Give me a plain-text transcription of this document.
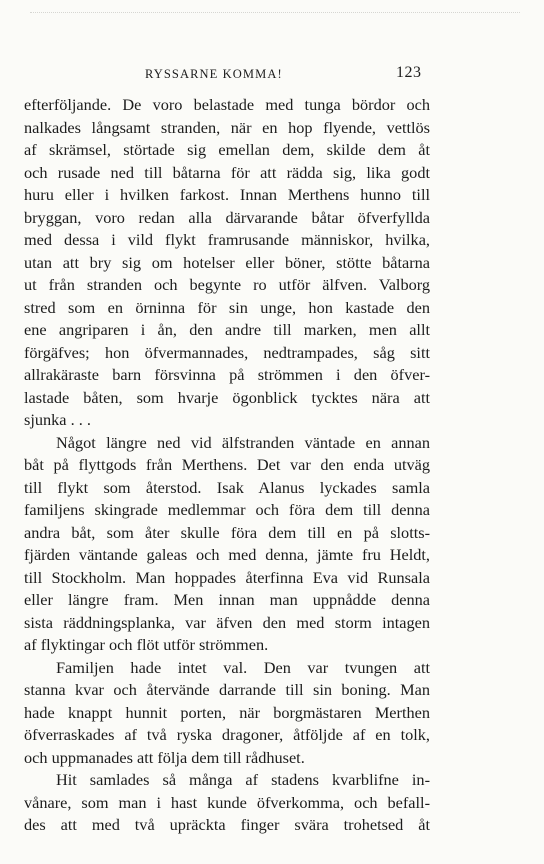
RYSSARNE KOMMA!	123
efterföljande. De voro belastade med tunga bördor och
nalkades långsamt stranden, när en hop flyende, vettlös
af skrämsel, störtade sig emellan dem, skilde dem åt
och rusade ned till båtarna för att rädda sig, lika godt
huru eller i hvilken farkost. Innan Merthens hunno till
bryggan, voro redan alla därvarande båtar öfverfyllda
med dessa i vild flykt framrusande människor, hvilka,
utan att bry sig om hotelser eller böner, stötte båtarna
ut från stranden och begynte ro utför älfven. Valborg
stred som en örninna för sin unge, hon kastade den
ene angriparen i ån, den andre till marken, men allt
förgäfves; hon öfvermannades, nedtrampades, såg sitt
allrakäraste barn försvinna på strömmen i den öfver-
lastade båten, som hvarje ögonblick tycktes nära att
sjunka . . .
Något längre ned vid älfstranden väntade en annan
båt på flyttgods från Merthens. Det var den enda utväg
till flykt som återstod. Isak Alanus lyckades samla
familjens skingrade medlemmar och föra dem till denna
andra båt, som åter skulle föra dem till en på slotts-
fjärden väntande galeas och med denna, jämte fru Heldt,
till Stockholm. Man hoppades återfinna Eva vid Runsala
eller längre fram. Men innan man uppnådde denna
sista räddningsplanka, var äfven den med storm intagen
af flyktingar och flöt utför strömmen.
Familjen hade intet val. Den var tvungen att
stanna kvar och återvände darrande till sin boning. Man
hade knappt hunnit porten, när borgmästaren Merthen
öfverraskades af två ryska dragoner, åtföljde af en tolk,
och uppmanades att följa dem till rådhuset.
Hit samlades så många af stadens kvarblifne in-
vånare, som man i hast kunde öfverkomma, och befall-
des att med två upräckta finger svära trohetsed åt
